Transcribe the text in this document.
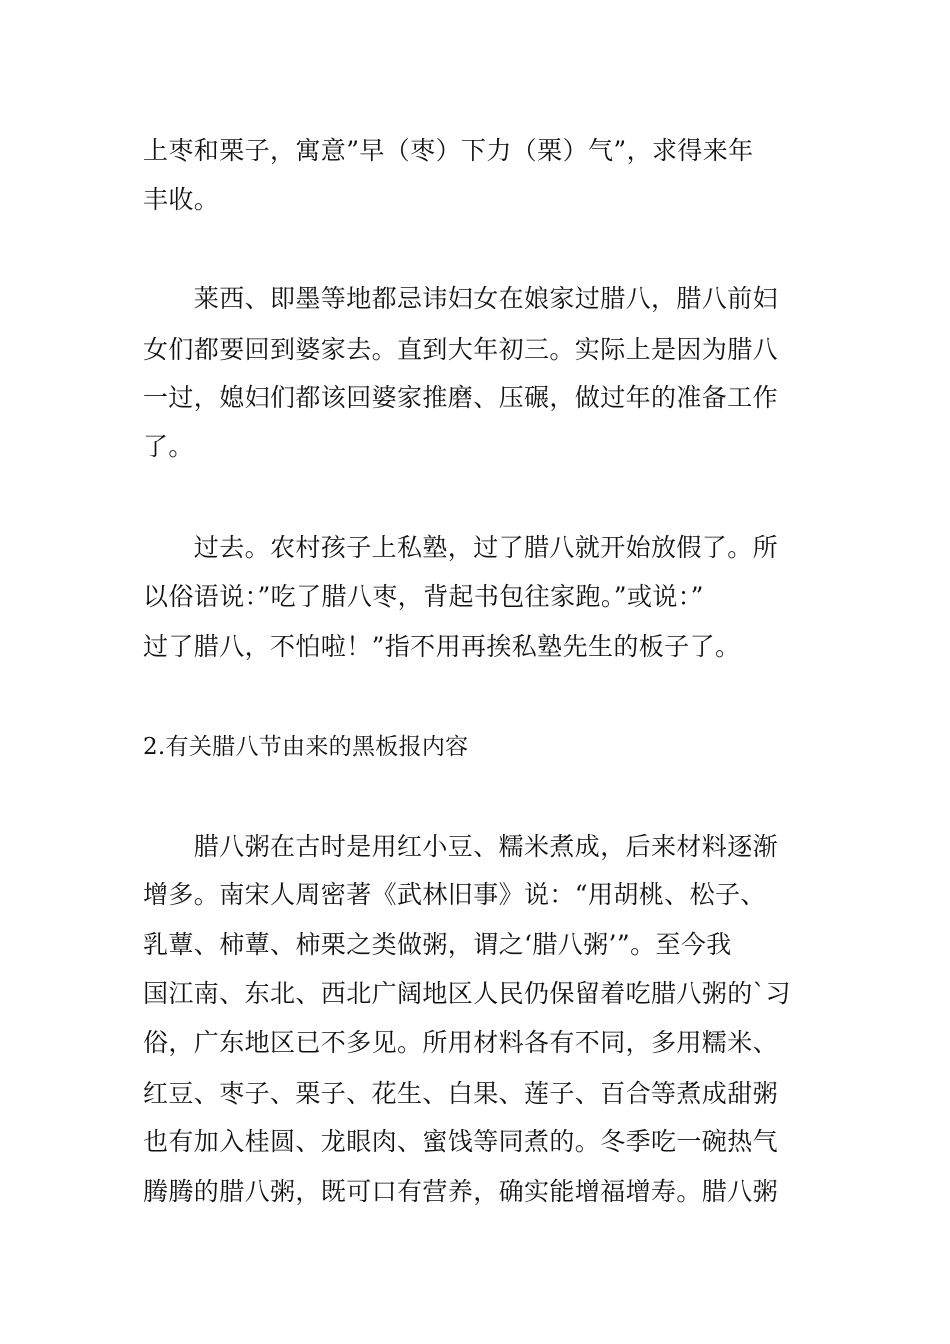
上枣和栗子，寓意”早（枣）下力（栗）气”，求得来年
丰收。
　　莱西、即墨等地都忌讳妇女在娘家过腊八，腊八前妇
女们都要回到婆家去。直到大年初三。实际上是因为腊八
一过，媳妇们都该回婆家推磨、压碾，做过年的准备工作
了。
　　过去。农村孩子上私塾，过了腊八就开始放假了。所
以俗语说：”吃了腊八枣，背起书包往家跑。”或说：”
过了腊八，不怕啦！”指不用再挨私塾先生的板子了。
2.有关腊八节由来的黑板报内容
　　腊八粥在古时是用红小豆、糯米煮成，后来材料逐渐
增多。南宋人周密著《武林旧事》说：“用胡桃、松子、
乳蕈、柿蕈、柿栗之类做粥，谓之‘腊八粥’”。至今我
国江南、东北、西北广阔地区人民仍保留着吃腊八粥的`习
俗，广东地区已不多见。所用材料各有不同，多用糯米、
红豆、枣子、栗子、花生、白果、莲子、百合等煮成甜粥
也有加入桂圆、龙眼肉、蜜饯等同煮的。冬季吃一碗热气
腾腾的腊八粥，既可口有营养，确实能增福增寿。腊八粥
